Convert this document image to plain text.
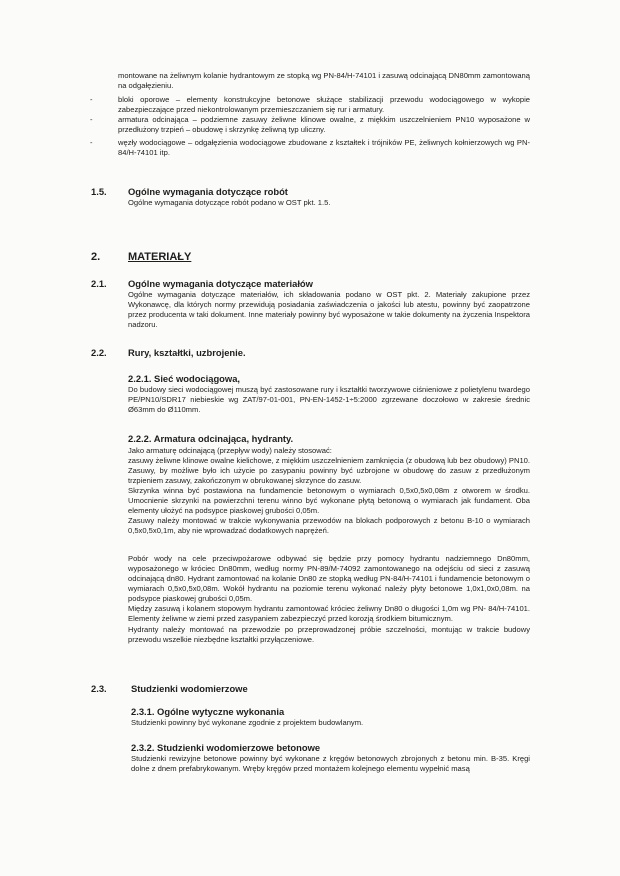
montowane na żeliwnym kolanie hydrantowym ze stopką wg PN-84/H-74101 i zasuwą odcinającą DN80mm zamontowaną na odgałęzieniu.

-	bloki oporowe – elementy konstrukcyjne betonowe służące stabilizacji przewodu wodociągowego w wykopie zabezpieczające przed niekontrolowanym przemieszczaniem się rur i armatury.
-	armatura odcinająca – podziemne zasuwy żeliwne klinowe owalne, z miękkim uszczelnieniem PN10 wyposażone w przedłużony trzpień – obudowę i skrzynkę żeliwną typ uliczny.
-	węzły wodociągowe – odgałęzienia wodociągowe zbudowane z kształtek i trójników PE, żeliwnych kołnierzowych wg PN-84/H-74101 itp.
1.5. Ogólne wymagania dotyczące robót

Ogólne wymagania dotyczące robót podano w OST pkt. 1.5.

2.	MATERIAŁY
2.1. Ogólne wymagania dotyczące materiałów

Ogólne wymagania dotyczące materiałów, ich składowania podano w OST pkt. 2. Materiały zakupione przez Wykonawcę, dla których normy przewidują posiadania zaświadczenia o jakości lub atestu, powinny być zaopatrzone przez producenta w taki dokument. Inne materiały powinny być wyposażone w takie dokumenty na życzenia Inspektora nadzoru.

2.2. Rury, kształtki, uzbrojenie.
2.2.1. Sieć wodociągowa,

Do budowy sieci wodociągowej muszą być zastosowane rury i kształtki tworzywowe ciśnieniowe z polietylenu twardego PE/PN10/SDR17 niebieskie wg ZAT/97-01-001, PN-EN-1452-1÷5:2000 zgrzewane doczołowo w zakresie średnic Ø63mm do Ø110mm.

2.2.2. Armatura odcinająca, hydranty.

Jako armaturę odcinającą (przepływ wody) należy stosować:

zasuwy żeliwne klinowe owalne kielichowe, z miękkim uszczelnieniem zamknięcia (z obudową lub bez obudowy) PN10. Zasuwy, by możliwe było ich użycie po zasypaniu powinny być uzbrojone w obudowę do zasuw z przedłużonym trzpieniem zasuwy, zakończonym w obrukowanej skrzynce do zasuw.

Skrzynka winna być postawiona na fundamencie betonowym o wymiarach 0,5x0,5x0,08m z otworem w środku. Umocnienie skrzynki na powierzchni terenu winno być wykonane płytą betonową o wymiarach jak fundament. Oba elementy ułożyć na podsypce piaskowej grubości 0,05m.

Zasuwy należy montować w trakcie wykonywania przewodów na blokach podporowych z betonu B-10 o wymiarach 0,5x0,5x0,1m, aby nie wprowadzać dodatkowych naprężeń.

Pobór wody na cele przeciwpożarowe odbywać się będzie przy pomocy hydrantu nadziemnego Dn80mm, wyposażonego w króciec Dn80mm, według normy PN-89/M-74092 zamontowanego na odejściu od sieci z zasuwą odcinającą dn80. Hydrant zamontować na kolanie Dn80 ze stopką według PN-84/H-74101 i fundamencie betonowym o wymiarach 0,5x0,5x0,08m. Wokół hydrantu na poziomie terenu wykonać należy płyty betonowe 1,0x1,0x0,08m. na podsypce piaskowej grubości 0,05m.

Między zasuwą i kolanem stopowym hydrantu zamontować króciec żeliwny Dn80 o długości 1,0m wg PN- 84/H-74101. Elementy żeliwne w ziemi przed zasypaniem zabezpieczyć przed korozją środkiem bitumicznym.

Hydranty należy montować na przewodzie po przeprowadzonej próbie szczelności, montując w trakcie budowy przewodu wszelkie niezbędne kształtki przyłączeniowe.

2.3.	Studzienki wodomierzowe
2.3.1. Ogólne wytyczne wykonania

Studzienki powinny być wykonane zgodnie z projektem budowlanym.

2.3.2. Studzienki wodomierzowe betonowe

Studzienki rewizyjne betonowe powinny być wykonane z kręgów betonowych zbrojonych z betonu min. B-35. Kręgi dolne z dnem prefabrykowanym. Wręby kręgów przed montażem kolejnego elementu wypełnić masą
